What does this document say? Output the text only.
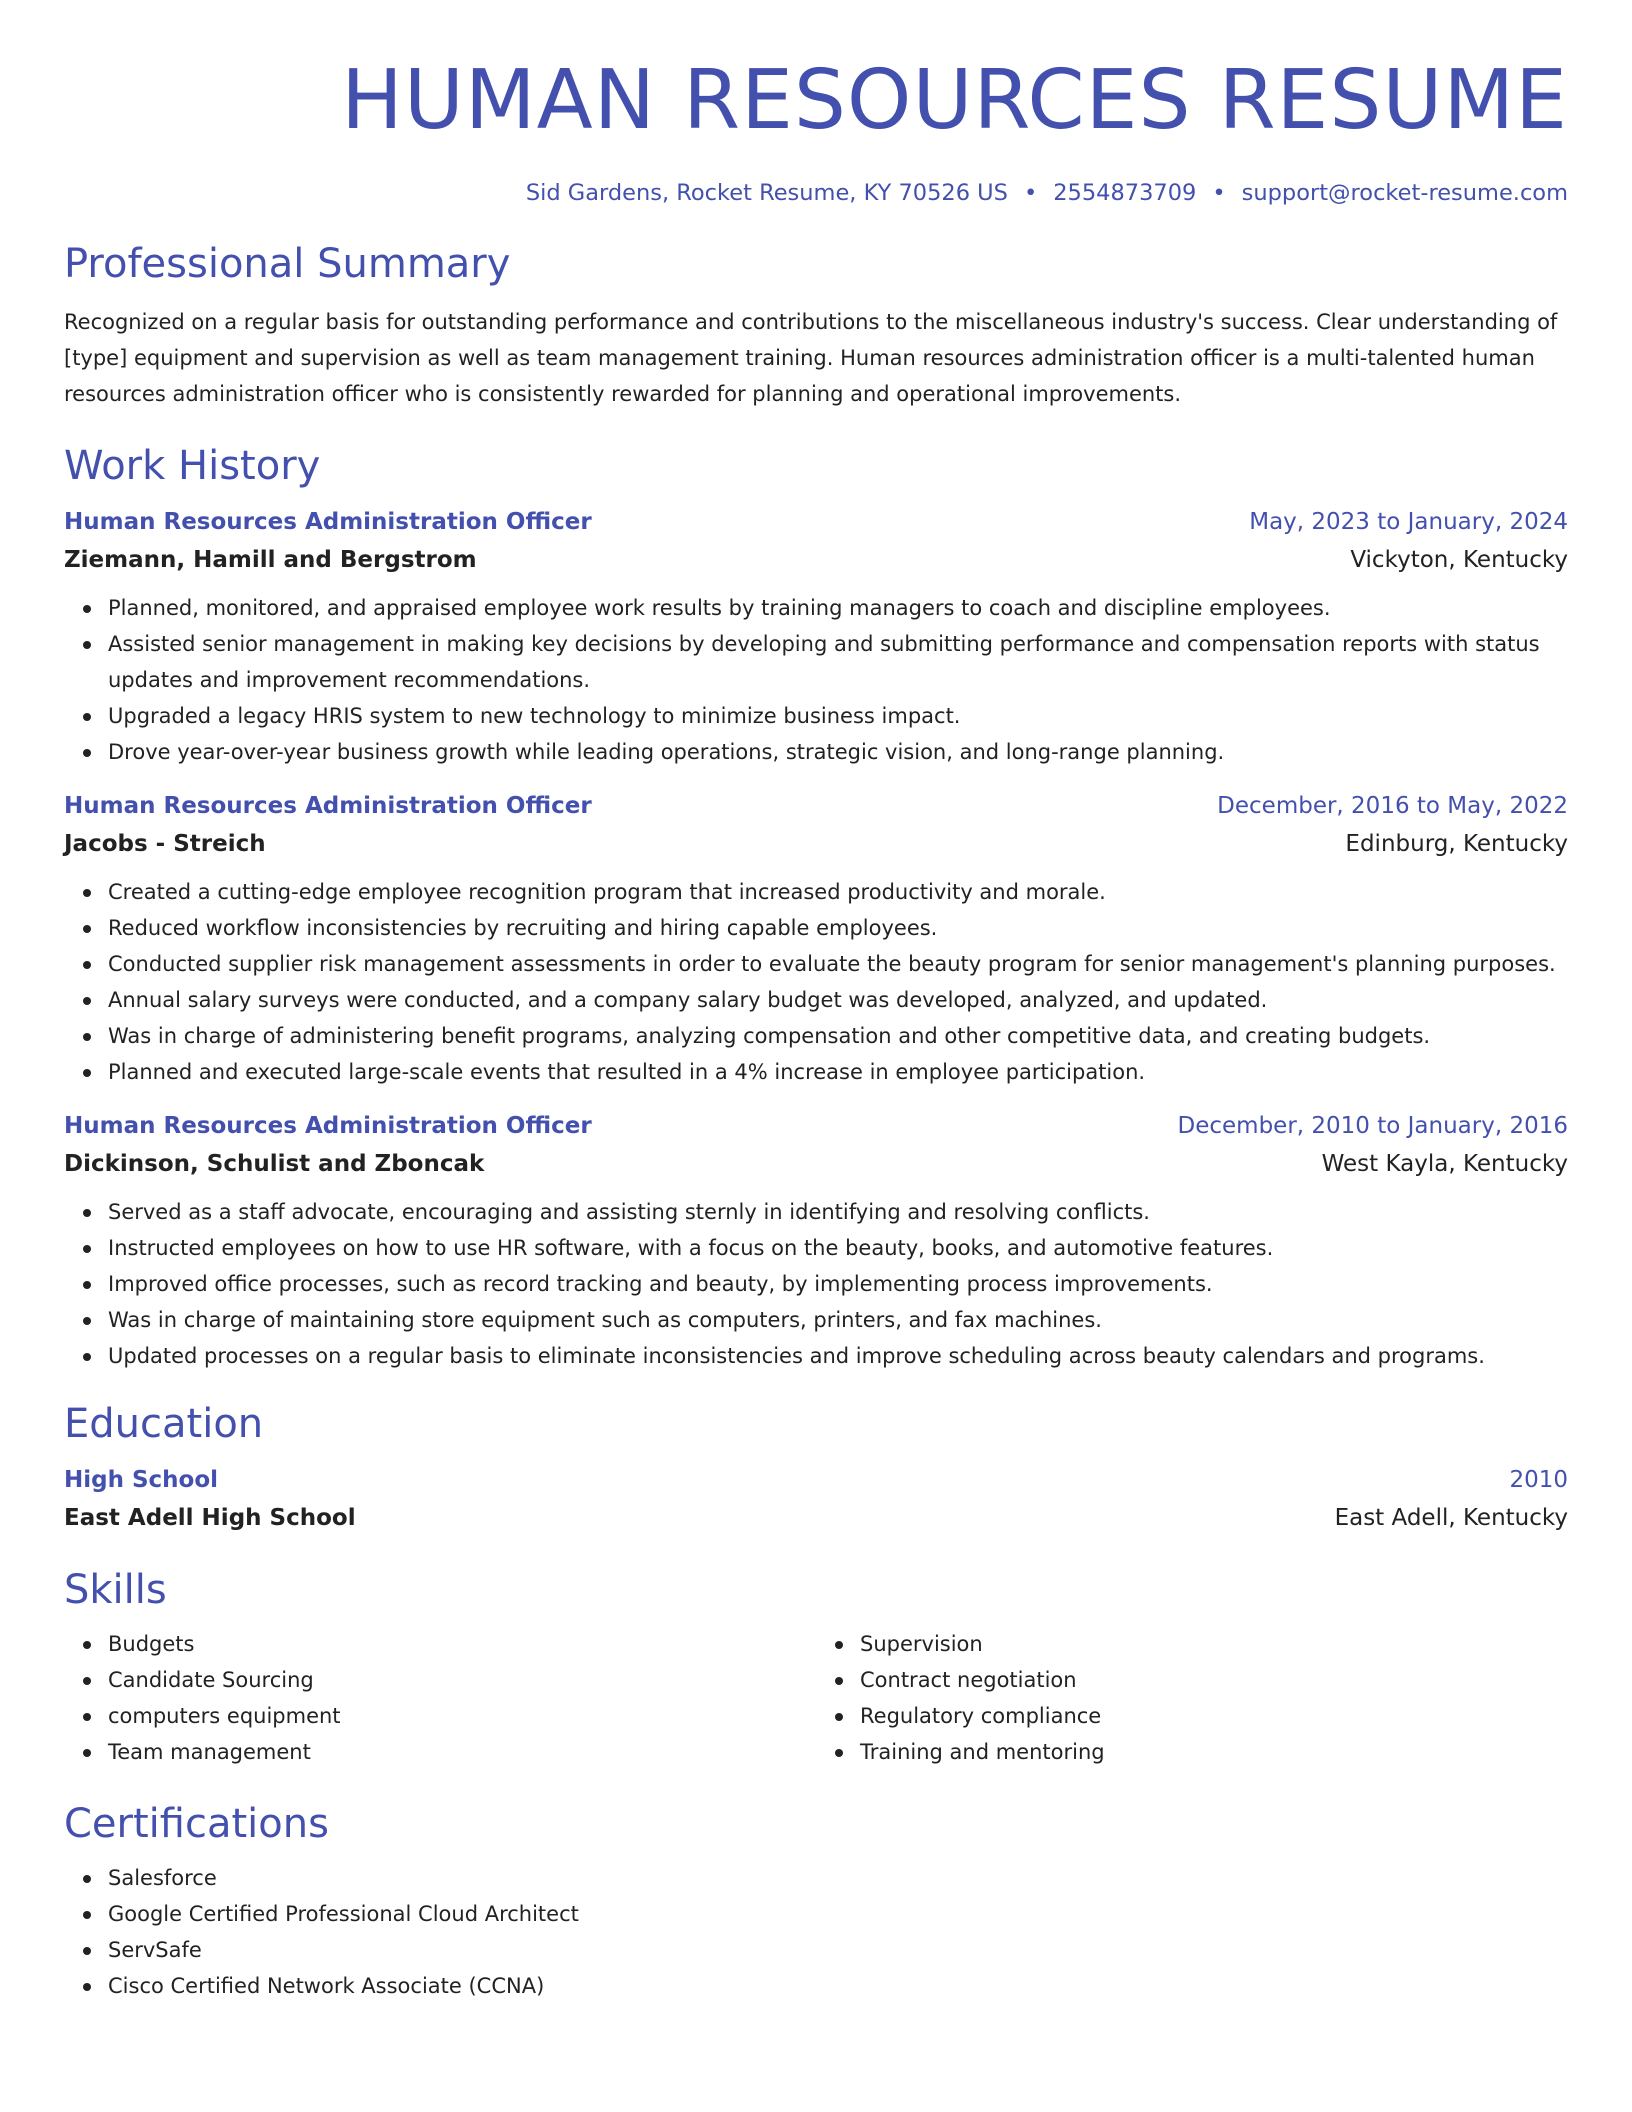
HUMAN RESOURCES RESUME
Sid Gardens, Rocket Resume, KY 70526 US • 2554873709 • support@rocket-resume.com
Professional Summary

Recognized on a regular basis for outstanding performance and contributions to the miscellaneous industry's success. Clear understanding of [type] equipment and supervision as well as team management training. Human resources administration officer is a multi-talented human resources administration officer who is consistently rewarded for planning and operational improvements.

Work History
Human Resources Administration Officer	May, 2023 to January, 2024
Ziemann, Hamill and Bergstrom	Vickyton, Kentucky
Planned, monitored, and appraised employee work results by training managers to coach and discipline employees.
Assisted senior management in making key decisions by developing and submitting performance and compensation reports with status updates and improvement recommendations.
Upgraded a legacy HRIS system to new technology to minimize business impact.
Drove year-over-year business growth while leading operations, strategic vision, and long-range planning.
Human Resources Administration Officer	December, 2016 to May, 2022
Jacobs - Streich	Edinburg, Kentucky
Created a cutting-edge employee recognition program that increased productivity and morale.
Reduced workflow inconsistencies by recruiting and hiring capable employees.
Conducted supplier risk management assessments in order to evaluate the beauty program for senior management's planning purposes.
Annual salary surveys were conducted, and a company salary budget was developed, analyzed, and updated.
Was in charge of administering benefit programs, analyzing compensation and other competitive data, and creating budgets.
Planned and executed large-scale events that resulted in a 4% increase in employee participation.
Human Resources Administration Officer	December, 2010 to January, 2016
Dickinson, Schulist and Zboncak	West Kayla, Kentucky
Served as a staff advocate, encouraging and assisting sternly in identifying and resolving conflicts.
Instructed employees on how to use HR software, with a focus on the beauty, books, and automotive features.
Improved office processes, such as record tracking and beauty, by implementing process improvements.
Was in charge of maintaining store equipment such as computers, printers, and fax machines.
Updated processes on a regular basis to eliminate inconsistencies and improve scheduling across beauty calendars and programs.
Education
High School	2010
East Adell High School	East Adell, Kentucky
Skills
Budgets
Candidate Sourcing
computers equipment
Team management
Supervision
Contract negotiation
Regulatory compliance
Training and mentoring
Certifications
Salesforce
Google Certified Professional Cloud Architect
ServSafe
Cisco Certified Network Associate (CCNA)
